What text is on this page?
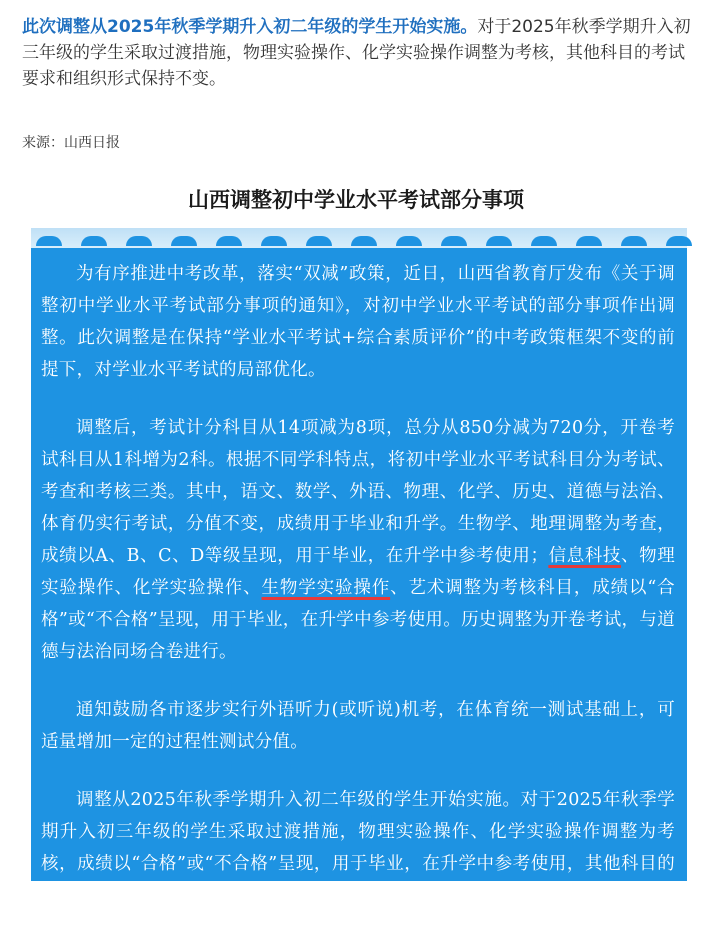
此次调整从2025年秋季学期升入初二年级的学生开始实施。对于2025年秋季学期升入初三年级的学生采取过渡措施，物理实验操作、化学实验操作调整为考核，其他科目的考试要求和组织形式保持不变。
来源：山西日报
山西调整初中学业水平考试部分事项

为有序推进中考改革，落实“双减”政策，近日，山西省教育厅发布《关于调整初中学业水平考试部分事项的通知》，对初中学业水平考试的部分事项作出调整。此次调整是在保持“学业水平考试+综合素质评价”的中考政策框架不变的前提下，对学业水平考试的局部优化。

调整后，考试计分科目从14项减为8项，总分从850分减为720分，开卷考试科目从1科增为2科。根据不同学科特点，将初中学业水平考试科目分为考试、考查和考核三类。其中，语文、数学、外语、物理、化学、历史、道德与法治、体育仍实行考试，分值不变，成绩用于毕业和升学。生物学、地理调整为考查，成绩以A、B、C、D等级呈现，用于毕业，在升学中参考使用；信息科技、物理实验操作、化学实验操作、生物学实验操作、艺术调整为考核科目，成绩以“合格”或“不合格”呈现，用于毕业，在升学中参考使用。历史调整为开卷考试，与道德与法治同场合卷进行。

通知鼓励各市逐步实行外语听力(或听说)机考，在体育统一测试基础上，可适量增加一定的过程性测试分值。

调整从2025年秋季学期升入初二年级的学生开始实施。对于2025年秋季学期升入初三年级的学生采取过渡措施，物理实验操作、化学实验操作调整为考核，成绩以“合格”或“不合格”呈现，用于毕业，在升学中参考使用，其他科目的考试要求和组织形式保持不变。
